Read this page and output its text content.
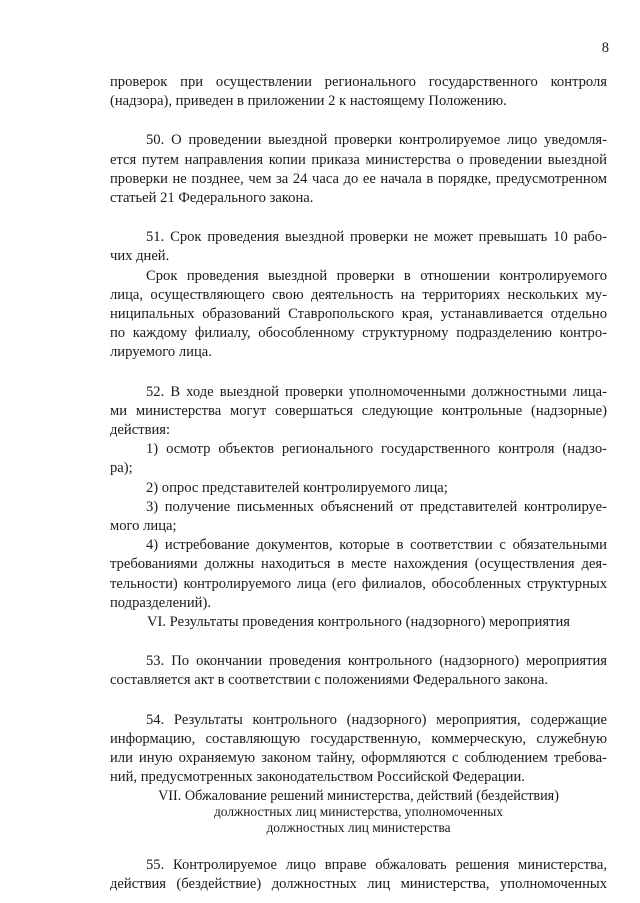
8
проверок при осуществлении регионального государственного контроля
(надзора), приведен в приложении 2 к настоящему Положению.
50. О проведении выездной проверки контролируемое лицо уведомля-
ется путем направления копии приказа министерства о проведении выездной
проверки не позднее, чем за 24 часа до ее начала в порядке, предусмотренном
статьей 21 Федерального закона.
51. Срок проведения выездной проверки не может превышать 10 рабо-
чих дней.
Срок проведения выездной проверки в отношении контролируемого
лица, осуществляющего свою деятельность на территориях нескольких му-
ниципальных образований Ставропольского края, устанавливается отдельно
по каждому филиалу, обособленному структурному подразделению контро-
лируемого лица.
52. В ходе выездной проверки уполномоченными должностными лица-
ми министерства могут совершаться следующие контрольные (надзорные)
действия:
1) осмотр объектов регионального государственного контроля (надзо-
ра);
2) опрос представителей контролируемого лица;
3) получение письменных объяснений от представителей контролируе-
мого лица;
4) истребование документов, которые в соответствии с обязательными
требованиями должны находиться в месте нахождения (осуществления дея-
тельности) контролируемого лица (его филиалов, обособленных структурных
подразделений).
VI. Результаты проведения контрольного (надзорного) мероприятия
53. По окончании проведения контрольного (надзорного) мероприятия
составляется акт в соответствии с положениями Федерального закона.
54. Результаты контрольного (надзорного) мероприятия, содержащие
информацию, составляющую государственную, коммерческую, служебную
или иную охраняемую законом тайну, оформляются с соблюдением требова-
ний, предусмотренных законодательством Российской Федерации.
VII. Обжалование решений министерства, действий (бездействия)
должностных лиц министерства, уполномоченных
должностных лиц министерства
55. Контролируемое лицо вправе обжаловать решения министерства,
действия (бездействие) должностных лиц министерства, уполномоченных
